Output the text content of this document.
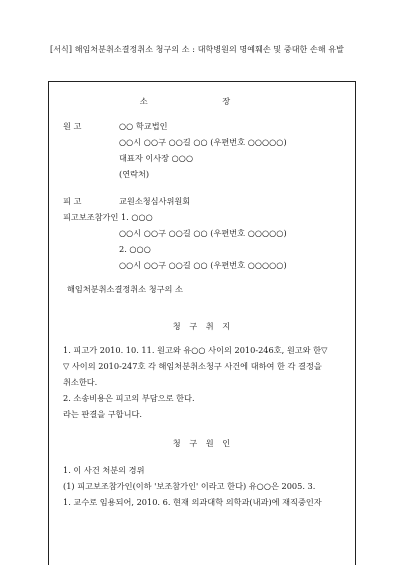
[서식] 해임처분취소결정취소 청구의 소 : 대학병원의 명예훼손 및 중대한 손해 유발
소 장
원 고	○○ 학교법인
○○시 ○○구 ○○길 ○○ (우편번호 ○○○○○)
대표자 이사장 ○○○
(연락처)
피 고	교원소청심사위원회
피고보조참가인 1. ○○○
○○시 ○○구 ○○길 ○○ (우편번호 ○○○○○)
2. ○○○
○○시 ○○구 ○○길 ○○ (우편번호 ○○○○○)
해임처분취소결정취소 청구의 소
청 구 취 지
1. 피고가 2010. 10. 11. 원고와 유○○ 사이의 2010-246호, 원고와 한▽
▽ 사이의 2010-247호 각 해임처분취소청구 사건에 대하여 한 각 결정을
취소한다.
2. 소송비용은 피고의 부담으로 한다.
라는 판결을 구합니다.
청 구 원 인
1. 이 사건 처분의 경위
(1) 피고보조참가인(이하 '보조참가인' 이라고 한다) 유○○은 2005. 3.
1. 교수로 임용되어, 2010. 6. 현재 의과대학 의학과(내과)에 재직중인자
